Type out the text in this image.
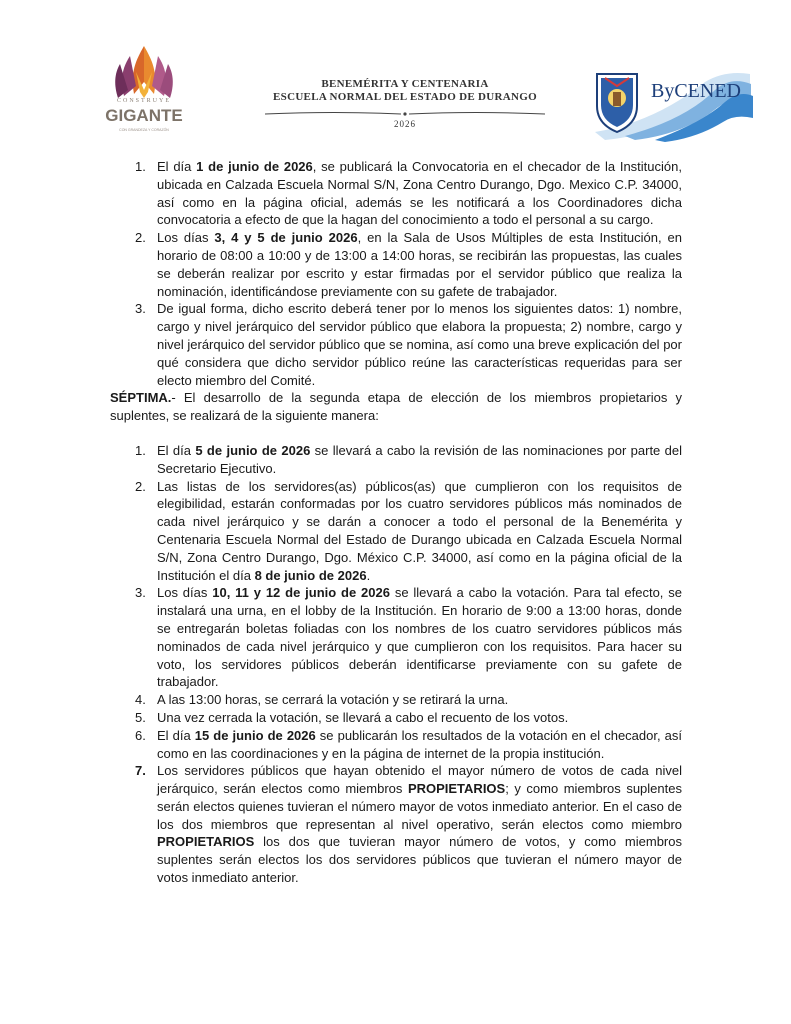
CONSTRUYE
GIGANTE
CON GRANDEZA Y CORAZÓN
BENEMÉRITA Y CENTENARIA
ESCUELA NORMAL DEL ESTADO DE DURANGO
2026
ByCENED
1. El día 1 de junio de 2026, se publicará la Convocatoria en el checador de la Institución, ubicada en Calzada Escuela Normal S/N, Zona Centro Durango, Dgo. Mexico C.P. 34000, así como en la página oficial, además se les notificará a los Coordinadores dicha convocatoria a efecto de que la hagan del conocimiento a todo el personal a su cargo.
2. Los días 3, 4 y 5 de junio 2026, en la Sala de Usos Múltiples de esta Institución, en horario de 08:00 a 10:00 y de 13:00 a 14:00 horas, se recibirán las propuestas, las cuales se deberán realizar por escrito y estar firmadas por el servidor público que realiza la nominación, identificándose previamente con su gafete de trabajador.
3. De igual forma, dicho escrito deberá tener por lo menos los siguientes datos: 1) nombre, cargo y nivel jerárquico del servidor público que elabora la propuesta; 2) nombre, cargo y nivel jerárquico del servidor público que se nomina, así como una breve explicación del por qué considera que dicho servidor público reúne las características requeridas para ser electo miembro del Comité.

SÉPTIMA.- El desarrollo de la segunda etapa de elección de los miembros propietarios y suplentes, se realizará de la siguiente manera:

1. El día 5 de junio de 2026 se llevará a cabo la revisión de las nominaciones por parte del Secretario Ejecutivo.
2. Las listas de los servidores(as) públicos(as) que cumplieron con los requisitos de elegibilidad, estarán conformadas por los cuatro servidores públicos más nominados de cada nivel jerárquico y se darán a conocer a todo el personal de la Benemérita y Centenaria Escuela Normal del Estado de Durango ubicada en Calzada Escuela Normal S/N, Zona Centro Durango, Dgo. México C.P. 34000, así como en la página oficial de la Institución el día 8 de junio de 2026.
3. Los días 10, 11 y 12 de junio de 2026 se llevará a cabo la votación. Para tal efecto, se instalará una urna, en el lobby de la Institución. En horario de 9:00 a 13:00 horas, donde se entregarán boletas foliadas con los nombres de los cuatro servidores públicos más nominados de cada nivel jerárquico y que cumplieron con los requisitos. Para hacer su voto, los servidores públicos deberán identificarse previamente con su gafete de trabajador.
4. A las 13:00 horas, se cerrará la votación y se retirará la urna.
5. Una vez cerrada la votación, se llevará a cabo el recuento de los votos.
6. El día 15 de junio de 2026 se publicarán los resultados de la votación en el checador, así como en las coordinaciones y en la página de internet de la propia institución.
7. Los servidores públicos que hayan obtenido el mayor número de votos de cada nivel jerárquico, serán electos como miembros PROPIETARIOS; y como miembros suplentes serán electos quienes tuvieran el número mayor de votos inmediato anterior. En el caso de los dos miembros que representan al nivel operativo, serán electos como miembro PROPIETARIOS los dos que tuvieran mayor número de votos, y como miembros suplentes serán electos los dos servidores públicos que tuvieran el número mayor de votos inmediato anterior.
